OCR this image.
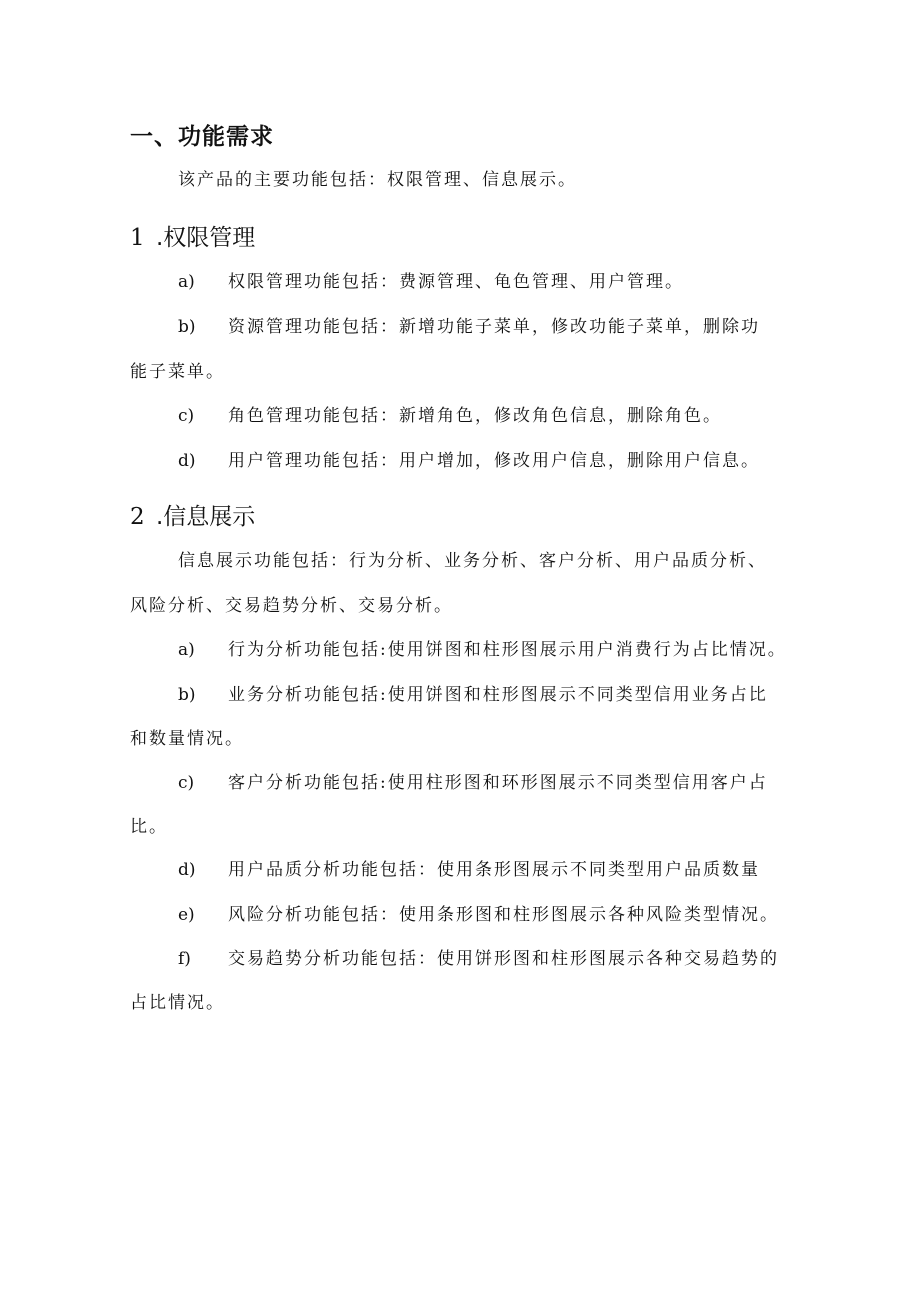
一、功能需求
该产品的主要功能包括：权限管理、信息展示。
1 .权限管理
a) 权限管理功能包括：费源管理、龟色管理、用户管理。
b) 资源管理功能包括：新增功能子菜单，修改功能子菜单，删除功
能子菜单。
c) 角色管理功能包括：新增角色，修改角色信息，删除角色。
d) 用户管理功能包括：用户增加，修改用户信息，删除用户信息。
2 .信息展示
信息展示功能包括：行为分析、业务分析、客户分析、用户品质分析、
风险分析、交易趋势分析、交易分析。
a) 行为分析功能包括:使用饼图和柱形图展示用户消费行为占比情况。
b) 业务分析功能包括:使用饼图和柱形图展示不同类型信用业务占比
和数量情况。
c) 客户分析功能包括:使用柱形图和环形图展示不同类型信用客户占
比。
d) 用户品质分析功能包括：使用条形图展示不同类型用户品质数量
e) 风险分析功能包括：使用条形图和柱形图展示各种风险类型情况。
f) 交易趋势分析功能包括：使用饼形图和柱形图展示各种交易趋势的
占比情况。
